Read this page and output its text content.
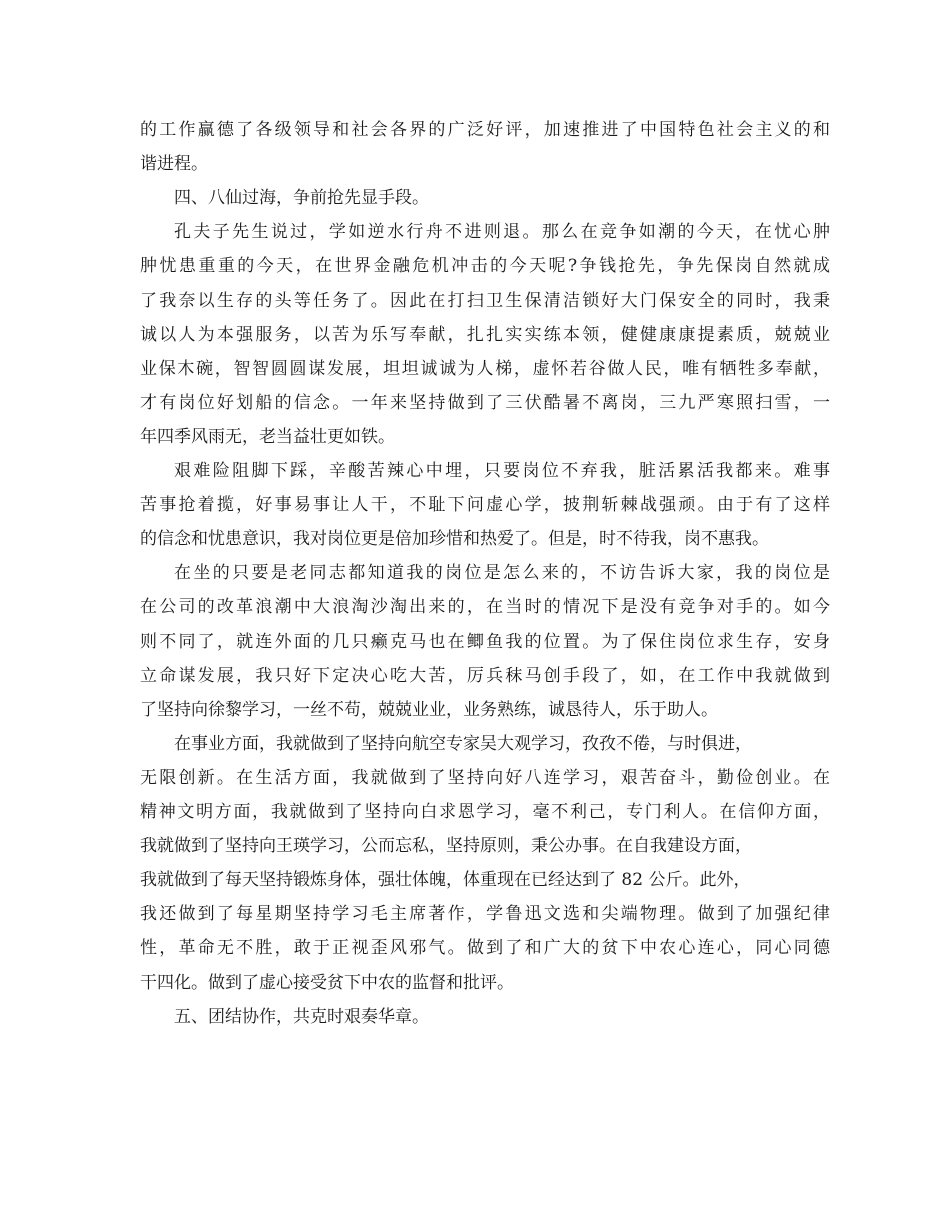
的工作赢德了各级领导和社会各界的广泛好评，加速推进了中国特色社会主义的和
谐进程。
四、八仙过海，争前抢先显手段。
孔夫子先生说过，学如逆水行舟不进则退。那么在竞争如潮的今天，在忧心肿
肿忧患重重的今天，在世界金融危机冲击的今天呢?争钱抢先，争先保岗自然就成
了我奈以生存的头等任务了。因此在打扫卫生保清洁锁好大门保安全的同时，我秉
诚以人为本强服务，以苦为乐写奉献，扎扎实实练本领，健健康康提素质，兢兢业
业保木碗，智智圆圆谋发展，坦坦诚诚为人梯，虚怀若谷做人民，唯有牺牲多奉献，
才有岗位好划船的信念。一年来坚持做到了三伏酷暑不离岗，三九严寒照扫雪，一
年四季风雨无，老当益壮更如铁。
艰难险阻脚下踩，辛酸苦辣心中埋，只要岗位不弃我，脏活累活我都来。难事
苦事抢着揽，好事易事让人干，不耻下问虚心学，披荆斩棘战强顽。由于有了这样
的信念和忧患意识，我对岗位更是倍加珍惜和热爱了。但是，时不待我，岗不惠我。
在坐的只要是老同志都知道我的岗位是怎么来的，不访告诉大家，我的岗位是
在公司的改革浪潮中大浪淘沙淘出来的，在当时的情况下是没有竞争对手的。如今
则不同了，就连外面的几只癞克马也在鲫鱼我的位置。为了保住岗位求生存，安身
立命谋发展，我只好下定决心吃大苦，厉兵秣马创手段了，如，在工作中我就做到
了坚持向徐黎学习，一丝不苟，兢兢业业，业务熟练，诚恳待人，乐于助人。
在事业方面，我就做到了坚持向航空专家吴大观学习，孜孜不倦，与时俱进，
无限创新。在生活方面，我就做到了坚持向好八连学习，艰苦奋斗，勤俭创业。在
精神文明方面，我就做到了坚持向白求恩学习，毫不利己，专门利人。在信仰方面，
我就做到了坚持向王瑛学习，公而忘私，坚持原则，秉公办事。在自我建设方面，
我就做到了每天坚持锻炼身体，强壮体魄，体重现在已经达到了 82 公斤。此外，
我还做到了每星期坚持学习毛主席著作，学鲁迅文选和尖端物理。做到了加强纪律
性，革命无不胜，敢于正视歪风邪气。做到了和广大的贫下中农心连心，同心同德
干四化。做到了虚心接受贫下中农的监督和批评。
五、团结协作，共克时艰奏华章。
